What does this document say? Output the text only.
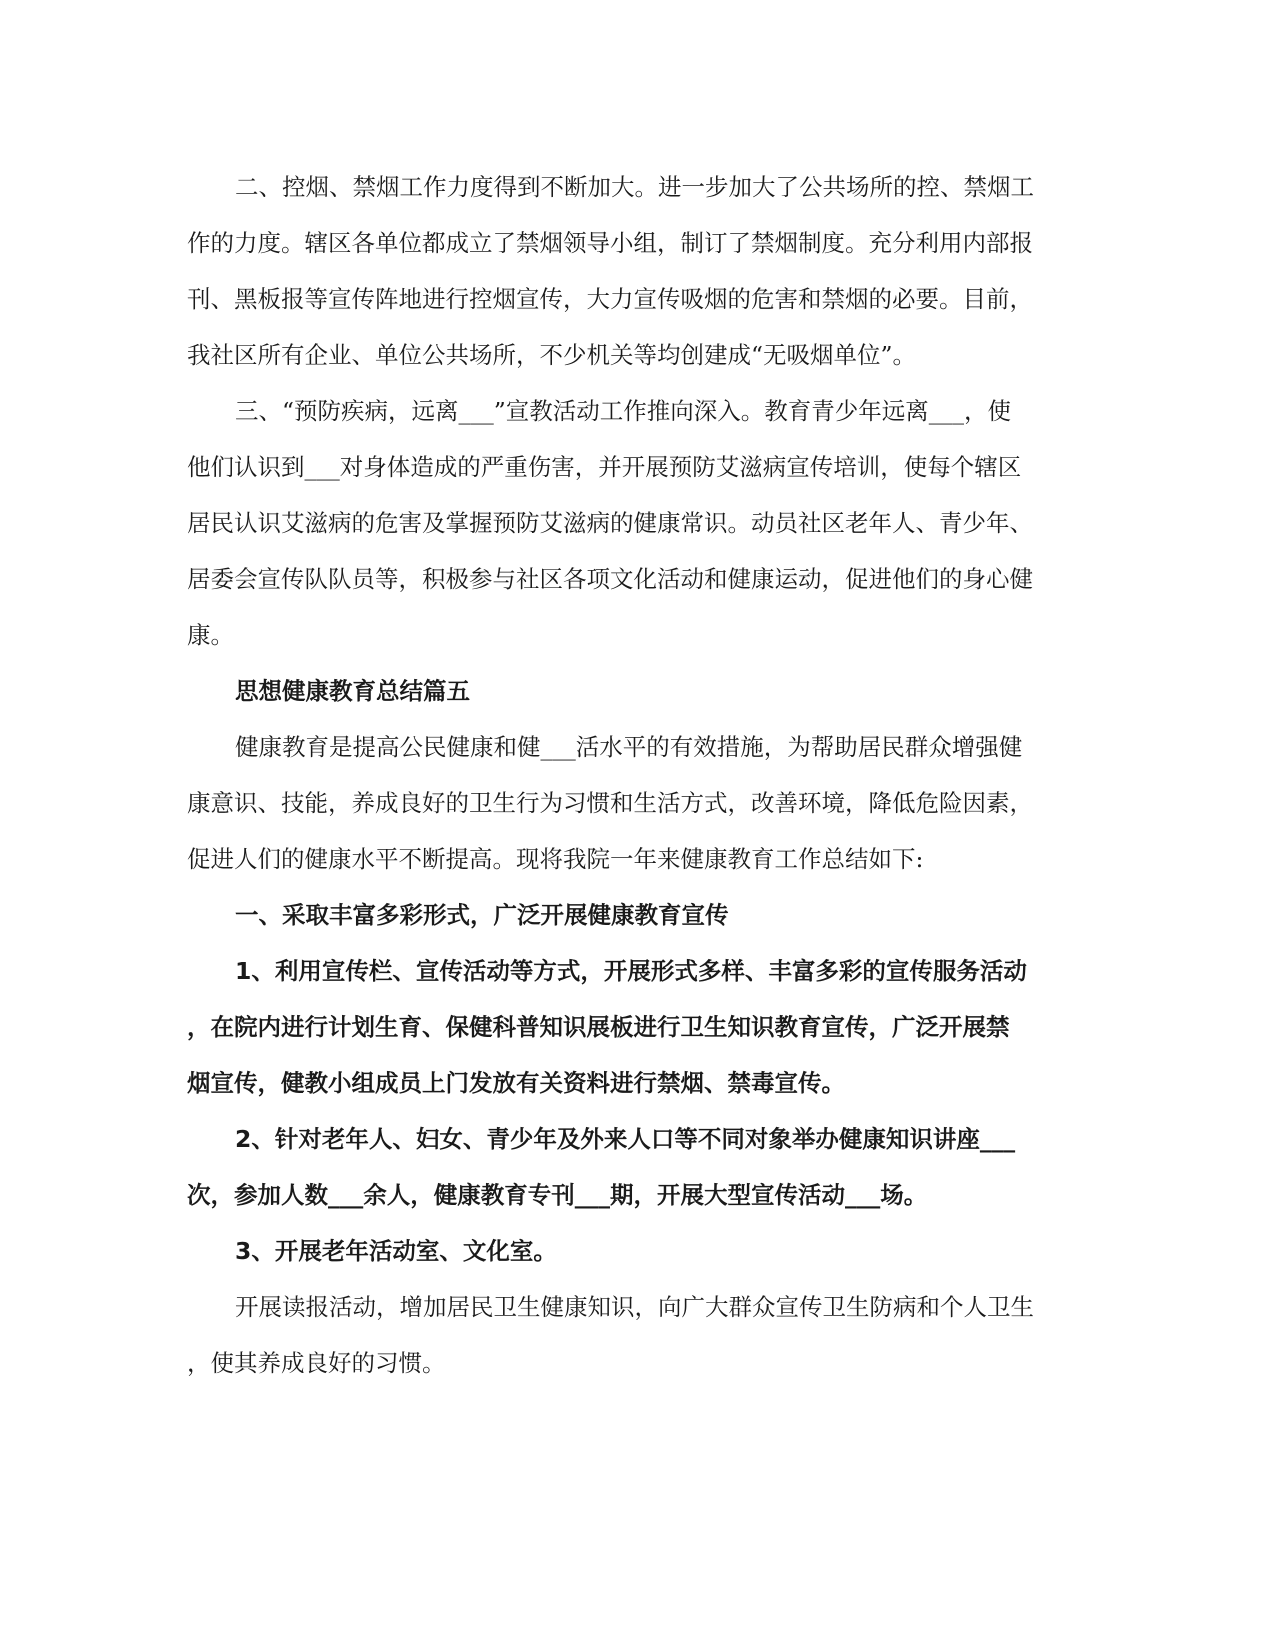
二、控烟、禁烟工作力度得到不断加大。进一步加大了公共场所的控、禁烟工
作的力度。辖区各单位都成立了禁烟领导小组，制订了禁烟制度。充分利用内部报
刊、黑板报等宣传阵地进行控烟宣传，大力宣传吸烟的危害和禁烟的必要。目前，
我社区所有企业、单位公共场所，不少机关等均创建成“无吸烟单位”。
三、“预防疾病，远离___”宣教活动工作推向深入。教育青少年远离___，使
他们认识到___对身体造成的严重伤害，并开展预防艾滋病宣传培训，使每个辖区
居民认识艾滋病的危害及掌握预防艾滋病的健康常识。动员社区老年人、青少年、
居委会宣传队队员等，积极参与社区各项文化活动和健康运动，促进他们的身心健
康。
思想健康教育总结篇五
健康教育是提高公民健康和健___活水平的有效措施，为帮助居民群众增强健
康意识、技能，养成良好的卫生行为习惯和生活方式，改善环境，降低危险因素，
促进人们的健康水平不断提高。现将我院一年来健康教育工作总结如下:
一、采取丰富多彩形式，广泛开展健康教育宣传
1、利用宣传栏、宣传活动等方式，开展形式多样、丰富多彩的宣传服务活动
，在院内进行计划生育、保健科普知识展板进行卫生知识教育宣传，广泛开展禁
烟宣传，健教小组成员上门发放有关资料进行禁烟、禁毒宣传。
2、针对老年人、妇女、青少年及外来人口等不同对象举办健康知识讲座___
次，参加人数___余人，健康教育专刊___期，开展大型宣传活动___场。
3、开展老年活动室、文化室。
开展读报活动，增加居民卫生健康知识，向广大群众宣传卫生防病和个人卫生
，使其养成良好的习惯。
